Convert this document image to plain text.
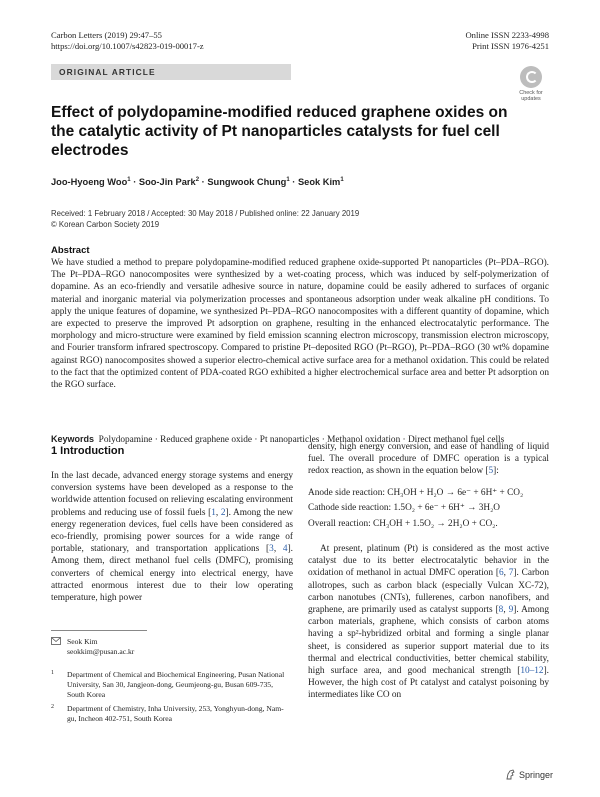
Carbon Letters (2019) 29:47–55
https://doi.org/10.1007/s42823-019-00017-z
Online ISSN 2233-4998
Print ISSN 1976-4251
ORIGINAL ARTICLE
Check for
updates
Effect of polydopamine-modified reduced graphene oxides on the catalytic activity of Pt nanoparticles catalysts for fuel cell electrodes
Joo-Hyoeng Woo$^1$ · Soo-Jin Park$^2$ · Sungwook Chung$^1$ · Seok Kim$^1$
Received: 1 February 2018 / Accepted: 30 May 2018 / Published online: 22 January 2019
© Korean Carbon Society 2019
Abstract
We have studied a method to prepare polydopamine-modified reduced graphene oxide-supported Pt nanoparticles (Pt–PDA–RGO). The Pt–PDA–RGO nanocomposites were synthesized by a wet-coating process, which was induced by self-polymerization of dopamine. As an eco-friendly and versatile adhesive source in nature, dopamine could be easily adhered to surfaces of organic material and inorganic material via polymerization processes and spontaneous adsorption under weak alkaline pH conditions. To apply the unique features of dopamine, we synthesized Pt–PDA–RGO nanocomposites with a different quantity of dopamine, which are expected to preserve the improved Pt adsorption on graphene, resulting in the enhanced electrocatalytic performance. The morphology and micro-structure were examined by field emission scanning electron microscopy, transmission electron microscopy, and Fourier transform infrared spectroscopy. Compared to pristine Pt–deposited RGO (Pt–RGO), Pt–PDA–RGO (30 wt% dopamine against RGO) nanocomposites showed a superior electro-chemical active surface area for a methanol oxidation. This could be related to the fact that the optimized content of PDA-coated RGO exhibited a higher electrochemical surface area and better Pt adsorption on the RGO surface.
Keywords Polydopamine · Reduced graphene oxide · Pt nanoparticles · Methanol oxidation · Direct methanol fuel cells
1 Introduction
In the last decade, advanced energy storage systems and energy conversion systems have been developed as a response to the worldwide attention focused on relieving escalating environment problems and reducing use of fossil fuels [1, 2]. Among the new energy regeneration devices, fuel cells have been considered as eco-friendly, promising power sources for a wide range of portable, stationary, and transportation applications [3, 4]. Among them, direct methanol fuel cells (DMFC), promising converters of chemical energy into electrical energy, have attracted enormous interest due to their low operating temperature, high power
Seok Kim
seokkim@pusan.ac.kr
1 Department of Chemical and Biochemical Engineering, Pusan National University, San 30, Jangjeon-dong, Geumjeong-gu, Busan 609-735, South Korea
2 Department of Chemistry, Inha University, 253, Yonghyun-dong, Nam-gu, Incheon 402-751, South Korea
density, high energy conversion, and ease of handling of liquid fuel. The overall procedure of DMFC operation is a typical redox reaction, as shown in the equation below [5]:
Anode side reaction: CH₃OH + H₂O → 6e⁻ + 6H⁺ + CO₂
Cathode side reaction: 1.5O₂ + 6e⁻ + 6H⁺ → 3H₂O
Overall reaction: CH₃OH + 1.5O₂ → 2H₂O + CO₂.
At present, platinum (Pt) is considered as the most active catalyst due to its better electrocatalytic behavior in the oxidation of methanol in actual DMFC operation [6, 7]. Carbon allotropes, such as carbon black (especially Vulcan XC-72), carbon nanotubes (CNTs), fullerenes, carbon nanofibers, and graphene, are primarily used as catalyst supports [8, 9]. Among carbon materials, graphene, which consists of carbon atoms having a sp²-hybridized orbital and forming a single planar sheet, is considered as superior support material due to its thermal and electrical conductivities, better chemical stability, high surface area, and good mechanical strength [10–12]. However, the high cost of Pt catalyst and catalyst poisoning by intermediates like CO on
Springer
